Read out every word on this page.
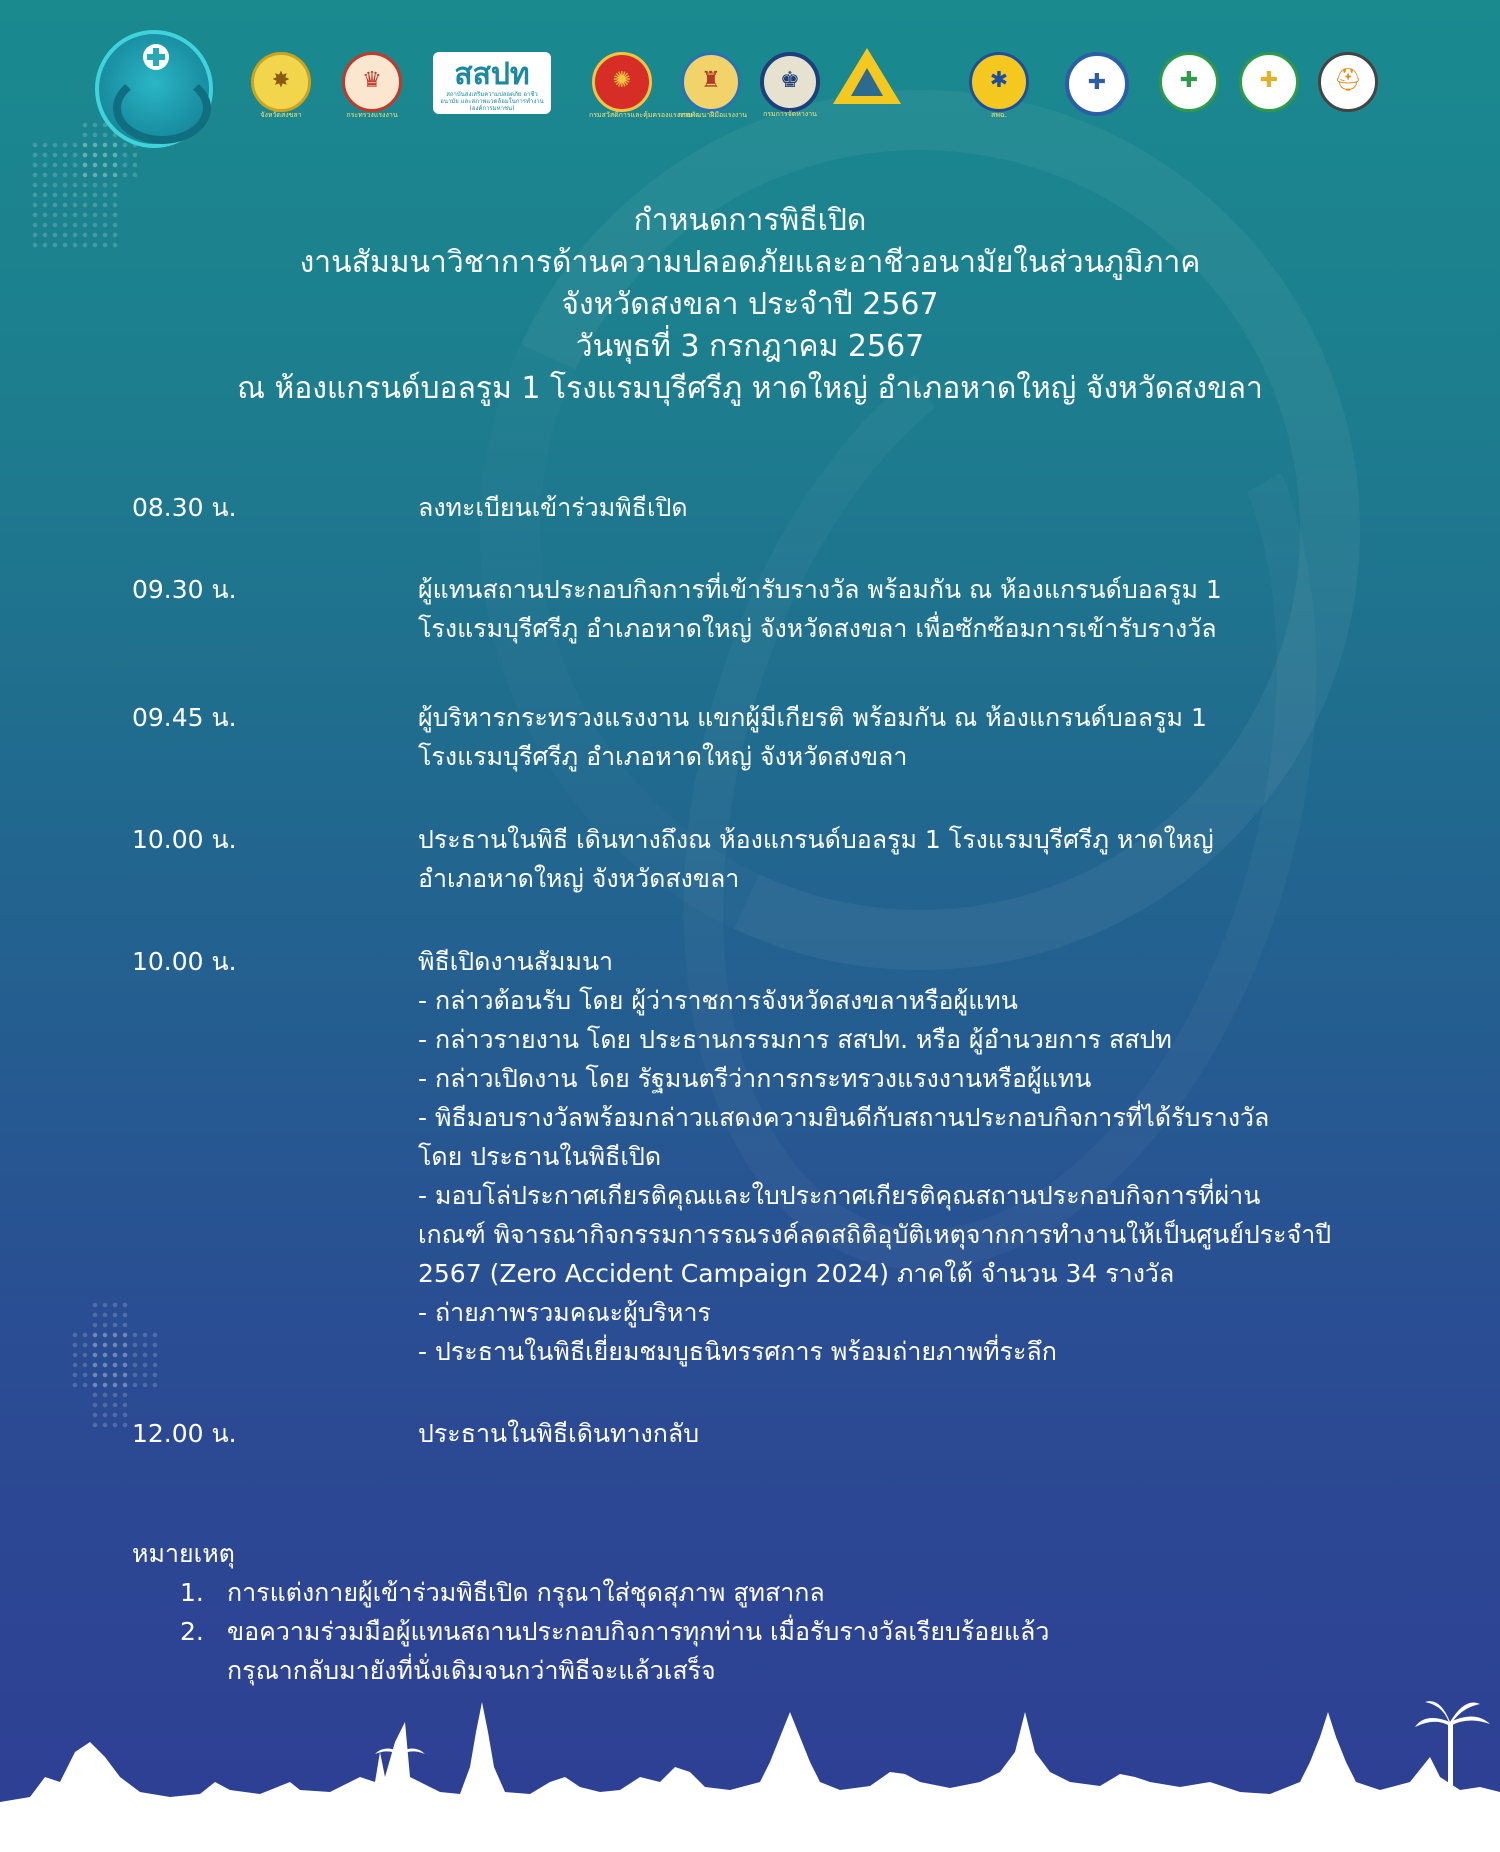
✸
จังหวัดสงขลา
♛
กระทรวงแรงงาน
สสปท
สถาบันส่งเสริมความปลอดภัย อาชีวอนามัย และสภาพแวดล้อมในการทำงาน (องค์การมหาชน)
✺
กรมสวัสดิการและคุ้มครองแรงงาน
♜
กรมพัฒนาฝีมือแรงงาน
♚
กรมการจัดหางาน
✱
สพฉ.
✚	✚	✚	⛑
กำหนดการพิธีเปิด
งานสัมมนาวิชาการด้านความปลอดภัยและอาชีวอนามัยในส่วนภูมิภาค
จังหวัดสงขลา ประจำปี 2567
วันพุธที่ 3 กรกฎาคม 2567
ณ ห้องแกรนด์บอลรูม 1 โรงแรมบุรีศรีภู หาดใหญ่ อำเภอหาดใหญ่ จังหวัดสงขลา
08.30 น.	ลงทะเบียนเข้าร่วมพิธีเปิด
09.30 น.	ผู้แทนสถานประกอบกิจการที่เข้ารับรางวัล พร้อมกัน ณ ห้องแกรนด์บอลรูม 1
โรงแรมบุรีศรีภู อำเภอหาดใหญ่ จังหวัดสงขลา เพื่อซักซ้อมการเข้ารับรางวัล
09.45 น.	ผู้บริหารกระทรวงแรงงาน แขกผู้มีเกียรติ พร้อมกัน ณ ห้องแกรนด์บอลรูม 1
โรงแรมบุรีศรีภู อำเภอหาดใหญ่ จังหวัดสงขลา
10.00 น.	ประธานในพิธี เดินทางถึงณ ห้องแกรนด์บอลรูม 1 โรงแรมบุรีศรีภู หาดใหญ่
อำเภอหาดใหญ่ จังหวัดสงขลา
10.00 น.	พิธีเปิดงานสัมมนา
- กล่าวต้อนรับ โดย ผู้ว่าราชการจังหวัดสงขลาหรือผู้แทน
- กล่าวรายงาน โดย ประธานกรรมการ สสปท. หรือ ผู้อำนวยการ สสปท
- กล่าวเปิดงาน โดย รัฐมนตรีว่าการกระทรวงแรงงานหรือผู้แทน
- พิธีมอบรางวัลพร้อมกล่าวแสดงความยินดีกับสถานประกอบกิจการที่ได้รับรางวัล
โดย ประธานในพิธีเปิด
- มอบโล่ประกาศเกียรติคุณและใบประกาศเกียรติคุณสถานประกอบกิจการที่ผ่าน
เกณฑ์ พิจารณากิจกรรมการรณรงค์ลดสถิติอุบัติเหตุจากการทำงานให้เป็นศูนย์ประจำปี
2567 (Zero Accident Campaign 2024) ภาคใต้ จำนวน 34 รางวัล
- ถ่ายภาพรวมคณะผู้บริหาร
- ประธานในพิธีเยี่ยมชมบูธนิทรรศการ พร้อมถ่ายภาพที่ระลึก
12.00 น.	ประธานในพิธีเดินทางกลับ
หมายเหตุ
1. การแต่งกายผู้เข้าร่วมพิธีเปิด กรุณาใส่ชุดสุภาพ สูทสากล
2. ขอความร่วมมือผู้แทนสถานประกอบกิจการทุกท่าน เมื่อรับรางวัลเรียบร้อยแล้ว
กรุณากลับมายังที่นั่งเดิมจนกว่าพิธีจะแล้วเสร็จ
